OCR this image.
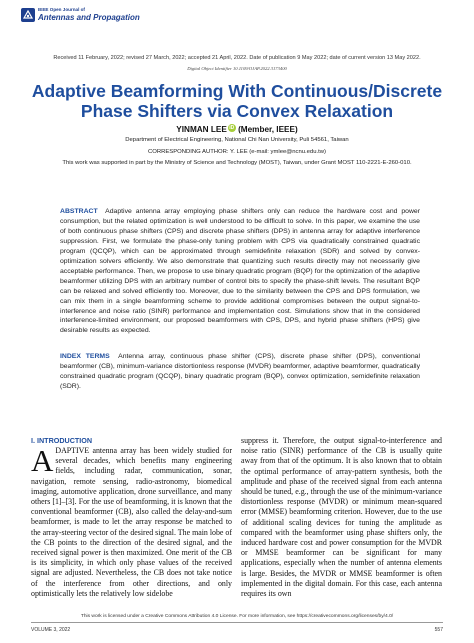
IEEE Open Journal of
Antennas and Propagation
Received 11 February, 2022; revised 27 March, 2022; accepted 21 April, 2022. Date of publication 9 May 2022; date of current version 13 May 2022.
Digital Object Identifier 10.1109/OJAP.2022.3173400
Adaptive Beamforming With Continuous/Discrete
Phase Shifters via Convex Relaxation
YINMAN LEE iD (Member, IEEE)
Department of Electrical Engineering, National Chi Nan University, Puli 54561, Taiwan
CORRESPONDING AUTHOR: Y. LEE (e-mail: ymlee@ncnu.edu.tw)
This work was supported in part by the Ministry of Science and Technology (MOST), Taiwan, under Grant MOST 110-2221-E-260-010.
ABSTRACT Adaptive antenna array employing phase shifters only can reduce the hardware cost and power consumption, but the related optimization is well understood to be difficult to solve. In this paper, we examine the use of both continuous phase shifters (CPS) and discrete phase shifters (DPS) in antenna array for adaptive interference suppression. First, we formulate the phase-only tuning problem with CPS via quadratically constrained quadratic program (QCQP), which can be approximated through semidefinite relaxation (SDR) and solved by convex-optimization solvers efficiently. We also demonstrate that quantizing such results directly may not necessarily give acceptable performance. Then, we propose to use binary quadratic program (BQP) for the optimization of the adaptive beamformer utilizing DPS with an arbitrary number of control bits to specify the phase-shift levels. The resultant BQP can be relaxed and solved efficiently too. Moreover, due to the similarity between the CPS and DPS formulation, we can mix them in a single beamforming scheme to provide additional compromises between the output signal-to-interference and noise ratio (SINR) performance and implementation cost. Simulations show that in the considered interference-limited environment, our proposed beamformers with CPS, DPS, and hybrid phase shifters (HPS) give desirable results as expected.
INDEX TERMS Antenna array, continuous phase shifter (CPS), discrete phase shifter (DPS), conventional beamformer (CB), minimum-variance distortionless response (MVDR) beamformer, adaptive beamformer, quadratically constrained quadratic program (QCQP), binary quadratic program (BQP), convex optimization, semidefinite relaxation (SDR).
I. INTRODUCTION
ADAPTIVE antenna array has been widely studied for several decades, which benefits many engineering fields, including radar, communication, sonar, navigation, remote sensing, radio-astronomy, biomedical imaging, automotive application, drone surveillance, and many others [1]–[3]. For the use of beamforming, it is known that the conventional beamformer (CB), also called the delay-and-sum beamformer, is made to let the array response be matched to the array-steering vector of the desired signal. The main lobe of the CB points to the direction of the desired signal, and the received signal power is then maximized. One merit of the CB is its simplicity, in which only phase values of the received signal are adjusted. Nevertheless, the CB does not take notice of the interference from other directions, and only optimistically lets the relatively low sidelobe
suppress it. Therefore, the output signal-to-interference and noise ratio (SINR) performance of the CB is usually quite away from that of the optimum. It is also known that to obtain the optimal performance of array-pattern synthesis, both the amplitude and phase of the received signal from each antenna should be tuned, e.g., through the use of the minimum-variance distortionless response (MVDR) or minimum mean-squared error (MMSE) beamforming criterion. However, due to the use of additional scaling devices for tuning the amplitude as compared with the beamformer using phase shifters only, the induced hardware cost and power consumption for the MVDR or MMSE beamformer can be significant for many applications, especially when the number of antenna elements is large. Besides, the MVDR or MMSE beamformer is often implemented in the digital domain. For this case, each antenna requires its own
This work is licensed under a Creative Commons Attribution 4.0 License. For more information, see https://creativecommons.org/licenses/by/4.0/
VOLUME 3, 2022	557
